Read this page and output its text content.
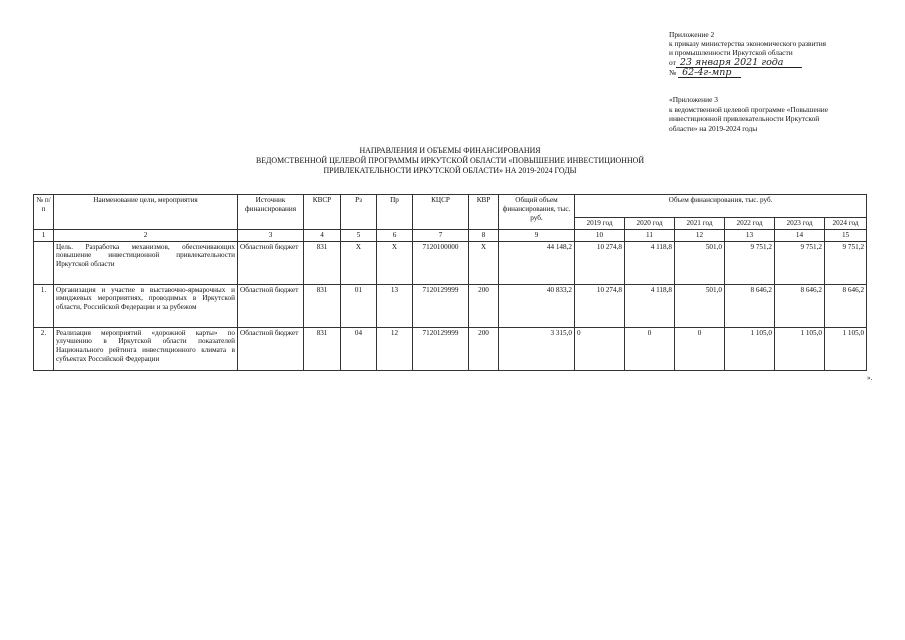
Приложение 2
к приказу министерства экономического развития
и промышленности Иркутской области
от 23 января 2021 года
№ 62-4г-мпр
«Приложение 3
к ведомственной целевой программе «Повышение
инвестиционной привлекательности Иркутской
области» на 2019-2024 годы
НАПРАВЛЕНИЯ И ОБЪЕМЫ ФИНАНСИРОВАНИЯ
ВЕДОМСТВЕННОЙ ЦЕЛЕВОЙ ПРОГРАММЫ ИРКУТСКОЙ ОБЛАСТИ «ПОВЫШЕНИЕ ИНВЕСТИЦИОННОЙ
ПРИВЛЕКАТЕЛЬНОСТИ ИРКУТСКОЙ ОБЛАСТИ» НА 2019-2024 ГОДЫ
№ п/п	Наименование цели, мероприятия	Источник финансирования	КВСР	Рз	Пр	КЦСР	КВР	Общий объем финансирования, тыс. руб.	Объем финансирования, тыс. руб.					
									2019 год	2020 год	2021 год	2022 год	2023 год	2024 год
1	2	3	4	5	6	7	8	9	10	11	12	13	14	15
	Цель. Разработка механизмов, обеспечивающих повышение инвестиционной привлекательности Иркутской области	Областной бюджет	831	Х	Х	7120100000	Х	44 148,2	10 274,8	4 118,8	501,0	9 751,2	9 751,2	9 751,2
1.	Организация и участие в выставочно-ярмарочных и имиджевых мероприятиях, проводимых в Иркутской области, Российской Федерации и за рубежом	Областной бюджет	831	01	13	7120129999	200	40 833,2	10 274,8	4 118,8	501,0	8 646,2	8 646,2	8 646,2
2.	Реализация мероприятий «дорожной карты» по улучшению в Иркутской области показателей Национального рейтинга инвестиционного климата в субъектах Российской Федерации	Областной бюджет	831	04	12	7120129999	200	3 315,0	0	0	0	1 105,0	1 105,0	1 105,0
».
